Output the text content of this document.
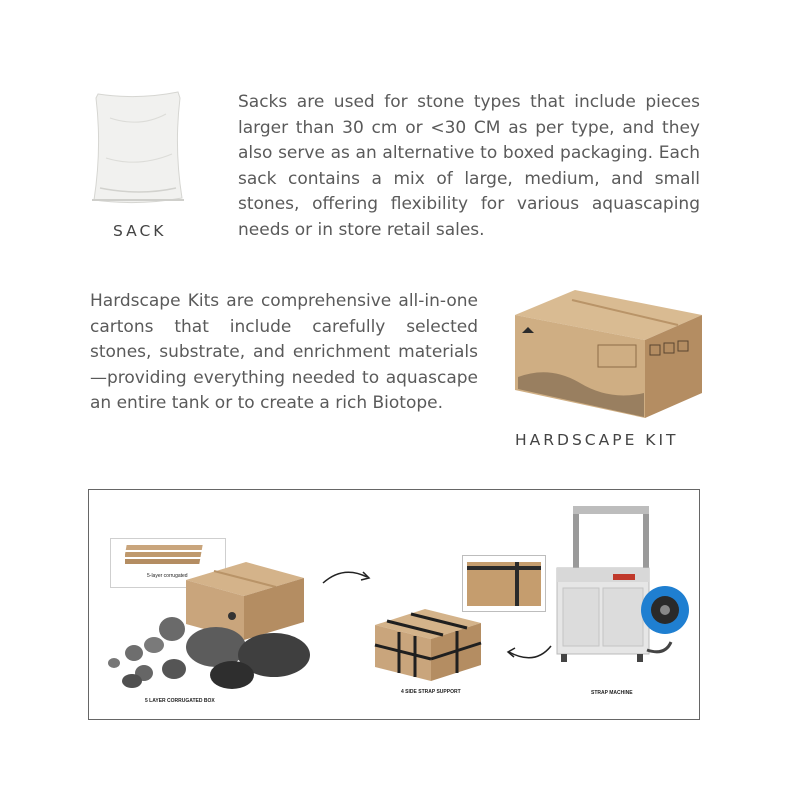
SACK

Sacks are used for stone types that include pieces larger than 30 cm or <30 CM as per type, and they also serve as an alternative to boxed packaging. Each sack contains a mix of large, medium, and small stones, offering flexibility for various aquascaping needs or in store retail sales.

Hardscape Kits are comprehensive all-in-one cartons that include carefully selected stones, substrate, and enrichment materials —providing everything needed to aquascape an entire tank or to create a rich Biotope.

HARDSCAPE KIT
5-layer corrugated
5 LAYER CORRUGATED BOX
4 SIDE STRAP SUPPORT	STRAP MACHINE
